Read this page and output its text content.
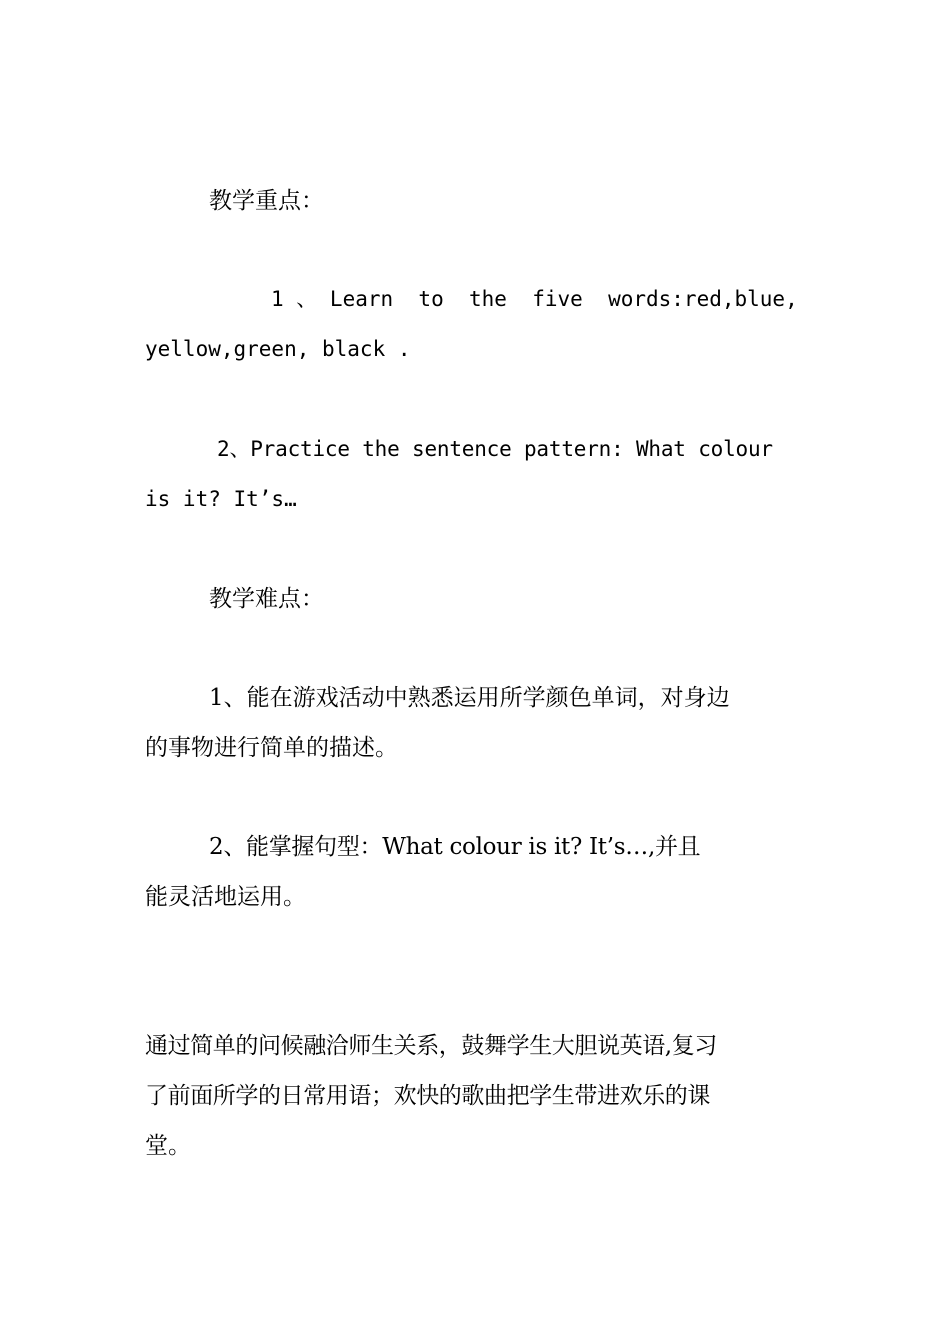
教学重点：

1 、 Learn  to  the  five  words:red,blue,
yellow,green, black .

2、Practice the sentence pattern: What colour
is it? It’s…

教学难点：

1、能在游戏活动中熟悉运用所学颜色单词，对身边
的事物进行简单的描述。

2、能掌握句型：What colour is it? It’s…,并且
能灵活地运用。

通过简单的问候融洽师生关系，鼓舞学生大胆说英语,复习
了前面所学的日常用语；欢快的歌曲把学生带进欢乐的课
堂。
